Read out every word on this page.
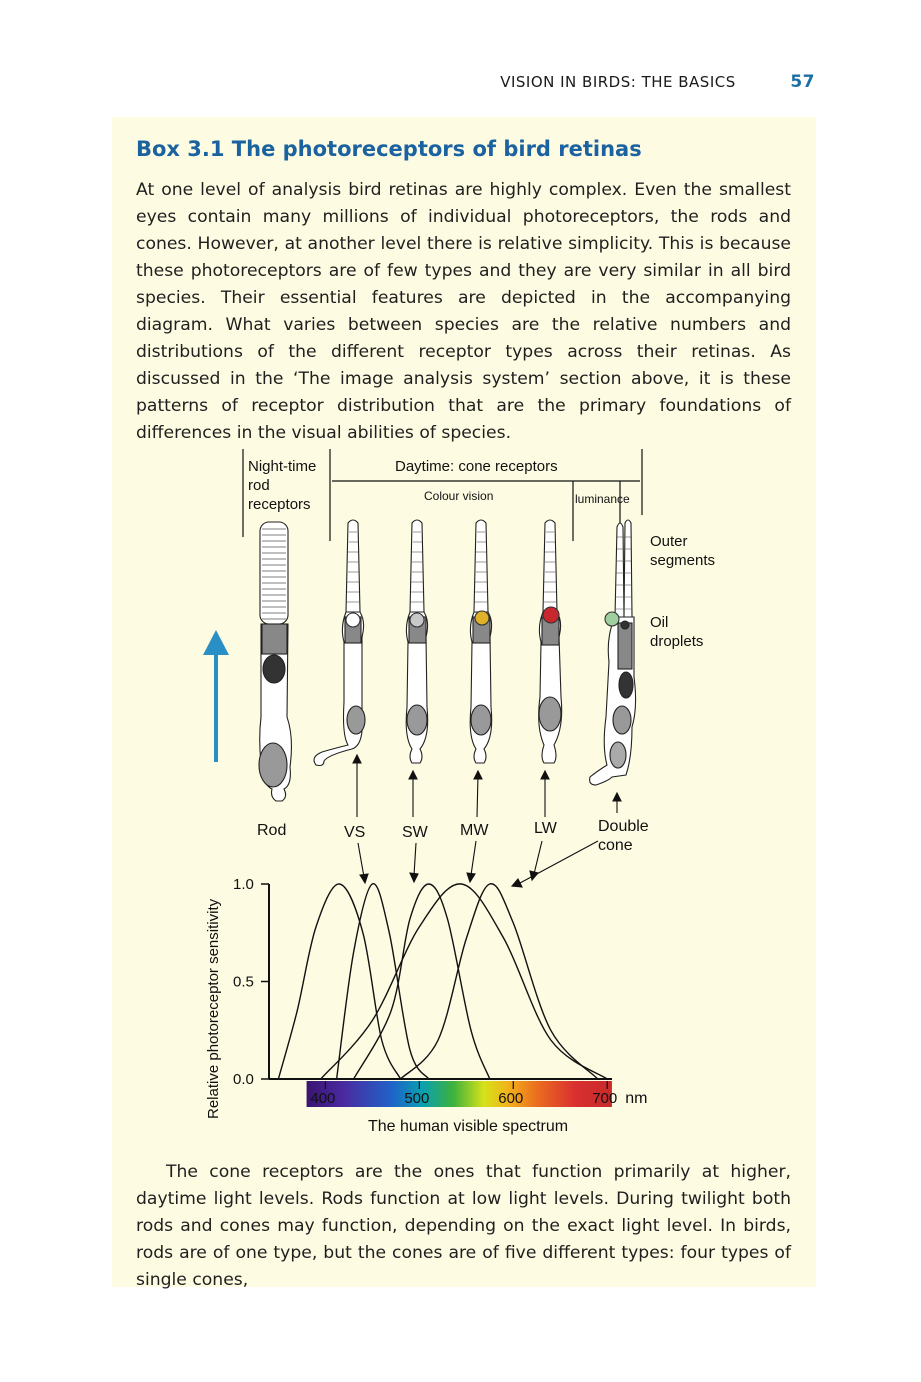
VISION IN BIRDS: THE BASICS	57
Box 3.1 The photoreceptors of bird retinas

At one level of analysis bird retinas are highly complex. Even the smallest eyes contain many millions of individual photoreceptors, the rods and cones. However, at another level there is relative simplicity. This is because these photoreceptors are of few types and they are very similar in all bird species. Their essential features are depicted in the accompanying diagram. What varies between species are the relative numbers and distributions of the different receptor types across their retinas. As discussed in the ‘The image analysis system’ section above, it is these patterns of receptor distribution that are the primary foundations of differences in the visual abilities of species.

Night-time
rod
receptors
Daytime: cone receptors
Colour vision	luminance
Outer
segments
Oil
droplets
Rod	VS SW MW	LW	Double
cone
Relative photoreceptor sensitivity 0.0
0.5
1.0
400	500	600	700 nm
The human visible spectrum

The cone receptors are the ones that function primarily at higher, daytime light levels. Rods function at low light levels. During twilight both rods and cones may function, depending on the exact light level. In birds, rods are of one type, but the cones are of five different types: four types of single cones,
